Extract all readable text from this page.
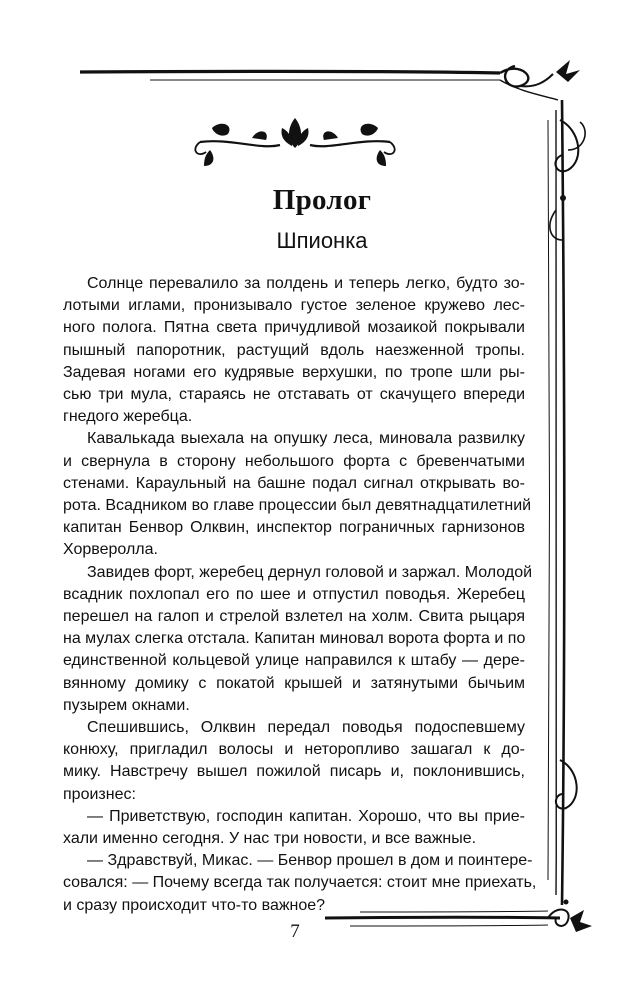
Пролог
Шпионка
Солнце перевалило за полдень и теперь легко, будто зо-
лотыми иглами, пронизывало густое зеленое кружево лес-
ного полога. Пятна света причудливой мозаикой покрывали
пышный папоротник, растущий вдоль наезженной тропы.
Задевая ногами его кудрявые верхушки, по тропе шли ры-
сью три мула, стараясь не отставать от скачущего впереди
гнедого жеребца.
Кавалькада выехала на опушку леса, миновала развилку
и свернула в сторону небольшого форта с бревенчатыми
стенами. Караульный на башне подал сигнал открывать во-
рота. Всадником во главе процессии был девятнадцатилетний
капитан Бенвор Олквин, инспектор пограничных гарнизонов
Хорверолла.
Завидев форт, жеребец дернул головой и заржал. Молодой
всадник похлопал его по шее и отпустил поводья. Жеребец
перешел на галоп и стрелой взлетел на холм. Свита рыцаря
на мулах слегка отстала. Капитан миновал ворота форта и по
единственной кольцевой улице направился к штабу — дере-
вянному домику с покатой крышей и затянутыми бычьим
пузырем окнами.
Спешившись, Олквин передал поводья подоспевшему
конюху, пригладил волосы и неторопливо зашагал к до-
мику. Навстречу вышел пожилой писарь и, поклонившись,
произнес:
— Приветствую, господин капитан. Хорошо, что вы прие-
хали именно сегодня. У нас три новости, и все важные.
— Здравствуй, Микас. — Бенвор прошел в дом и поинтере-
совался: — Почему всегда так получается: стоит мне приехать,
и сразу происходит что-то важное?
7
